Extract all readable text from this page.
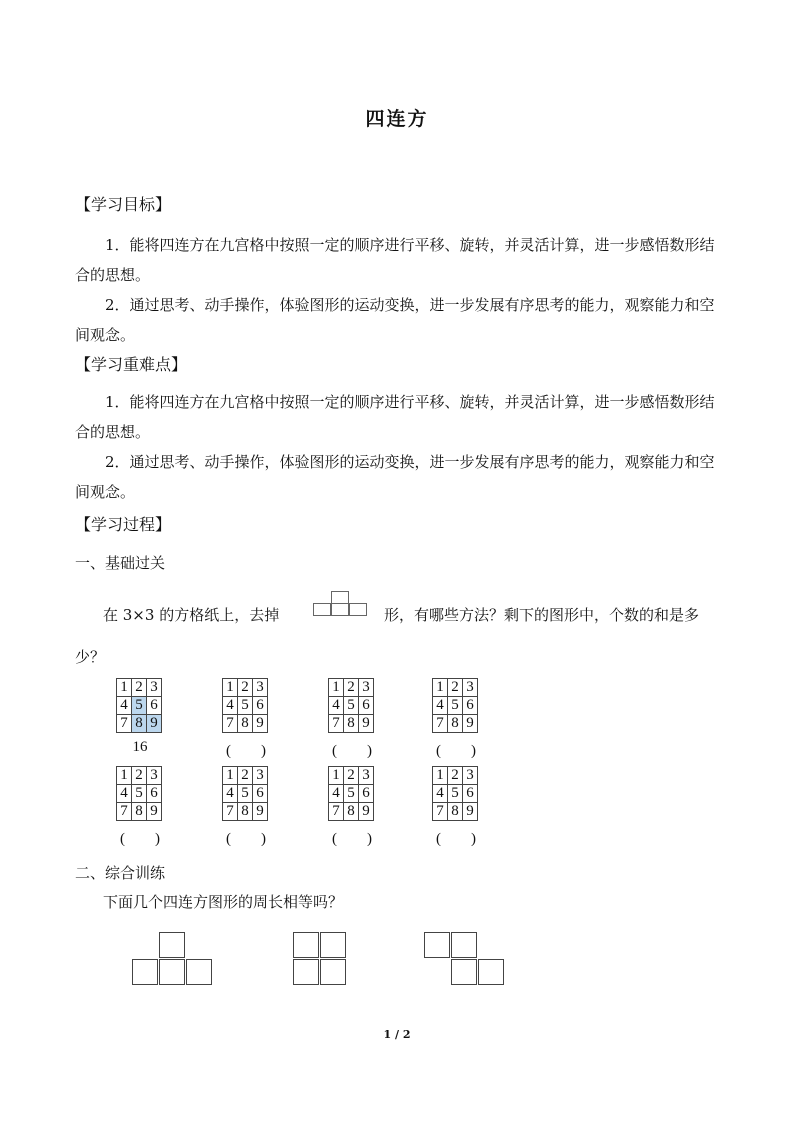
四连方
【学习目标】

1．能将四连方在九宫格中按照一定的顺序进行平移、旋转，并灵活计算，进一步感悟数形结合的思想。

2．通过思考、动手操作，体验图形的运动变换，进一步发展有序思考的能力，观察能力和空间观念。

【学习重难点】

1．能将四连方在九宫格中按照一定的顺序进行平移、旋转，并灵活计算，进一步感悟数形结合的思想。

2．通过思考、动手操作，体验图形的运动变换，进一步发展有序思考的能力，观察能力和空间观念。

【学习过程】
一、基础过关
在 3×3 的方格纸上，去掉	形，有哪些方法？剩下的图形中，个数的和是多
少？
1	2	3
4	5	6
7	8	9
16
1	2	3
4	5	6
7	8	9
(　　)
1	2	3
4	5	6
7	8	9
(　　)
1	2	3
4	5	6
7	8	9
(　　)
1	2	3
4	5	6
7	8	9
(　　)
1	2	3
4	5	6
7	8	9
(　　)
1	2	3
4	5	6
7	8	9
(　　)
1	2	3
4	5	6
7	8	9
(　　)
二、综合训练
下面几个四连方图形的周长相等吗？
1 / 2
